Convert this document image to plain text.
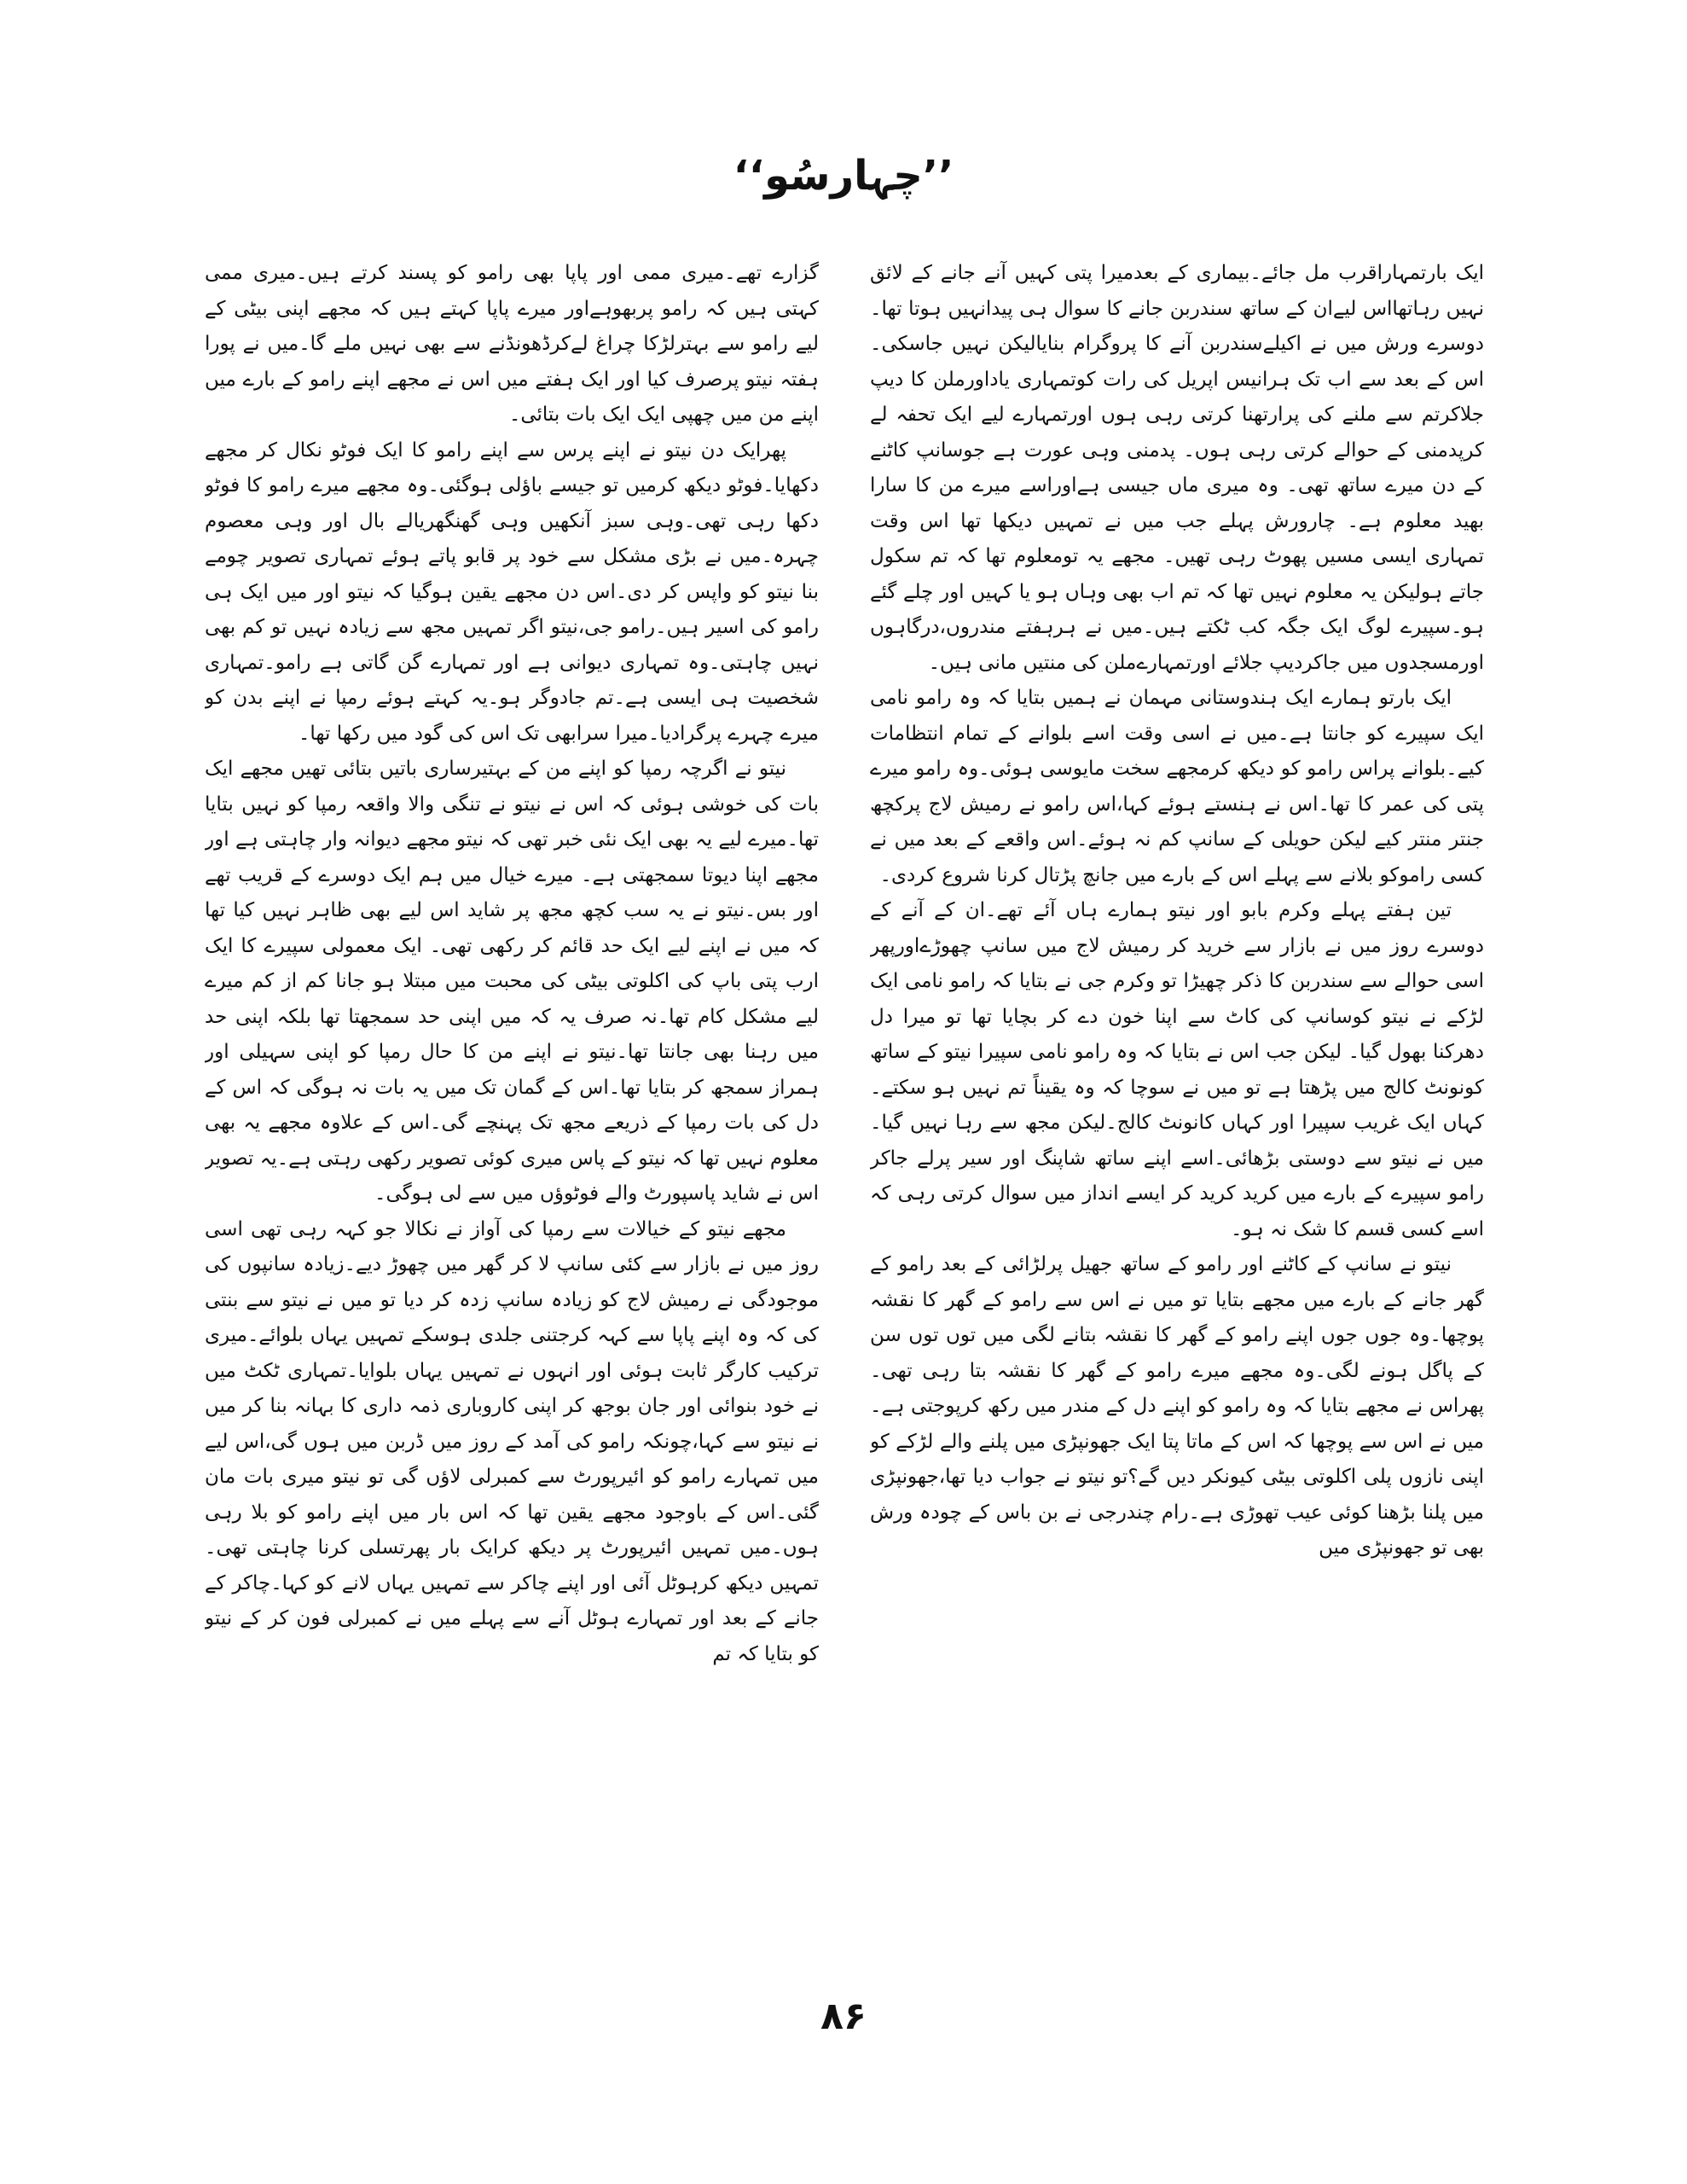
’’چہارسُو‘‘

ایک بارتمہاراقرب مل جائے۔بیماری کے بعدمیرا پتی کہیں آنے جانے کے لائق نہیں رہاتھااس لیےان کے ساتھ سندربن جانے کا سوال ہی پیدانہیں ہوتا تھا۔ دوسرے ورش میں نے اکیلےسندربن آنے کا پروگرام بنایالیکن نہیں جاسکی۔اس کے بعد سے اب تک ہرانیس اپریل کی رات کوتمہاری یاداورملن کا دیپ جلاکرتم سے ملنے کی پرارتھنا کرتی رہی ہوں اورتمہارے لیے ایک تحفہ لے کرپدمنی کے حوالے کرتی رہی ہوں۔ پدمنی وہی عورت ہے جوسانپ کاٹنے کے دن میرے ساتھ تھی۔ وہ میری ماں جیسی ہےاوراسے میرے من کا سارا بھید معلوم ہے۔ چارورش پہلے جب میں نے تمہیں دیکھا تھا اس وقت تمہاری ایسی مسیں پھوٹ رہی تھیں۔ مجھے یہ تومعلوم تھا کہ تم سکول جاتے ہولیکن یہ معلوم نہیں تھا کہ تم اب بھی وہاں ہو یا کہیں اور چلے گئے ہو۔سپیرے لوگ ایک جگہ کب ٹکتے ہیں۔میں نے ہرہفتے مندروں،درگاہوں اورمسجدوں میں جاکردیپ جلائے اورتمہارےملن کی منتیں مانی ہیں۔

ایک بارتو ہمارے ایک ہندوستانی مہمان نے ہمیں بتایا کہ وہ رامو نامی ایک سپیرے کو جانتا ہے۔میں نے اسی وقت اسے بلوانے کے تمام انتظامات کیے۔بلوانے پراس رامو کو دیکھ کرمجھے سخت مایوسی ہوئی۔وہ رامو میرے پتی کی عمر کا تھا۔اس نے ہنستے ہوئے کہا،اس رامو نے رمیش لاج پرکچھ جنتر منتر کیے لیکن حویلی کے سانپ کم نہ ہوئے۔اس واقعے کے بعد میں نے کسی راموکو بلانے سے پہلے اس کے بارے میں جانچ پڑتال کرنا شروع کردی۔

تین ہفتے پہلے وکرم بابو اور نیتو ہمارے ہاں آئے تھے۔ان کے آنے کے دوسرے روز میں نے بازار سے خرید کر رمیش لاج میں سانپ چھوڑےاورپھر اسی حوالے سے سندربن کا ذکر چھیڑا تو وکرم جی نے بتایا کہ رامو نامی ایک لڑکے نے نیتو کوسانپ کی کاٹ سے اپنا خون دے کر بچایا تھا تو میرا دل دھرکنا بھول گیا۔ لیکن جب اس نے بتایا کہ وہ رامو نامی سپیرا نیتو کے ساتھ کونونٹ کالج میں پڑھتا ہے تو میں نے سوچا کہ وہ یقیناً تم نہیں ہو سکتے۔کہاں ایک غریب سپیرا اور کہاں کانونٹ کالج۔لیکن مجھ سے رہا نہیں گیا۔میں نے نیتو سے دوستی بڑھائی۔اسے اپنے ساتھ شاپنگ اور سیر پرلے جاکر رامو سپیرے کے بارے میں کرید کرید کر ایسے انداز میں سوال کرتی رہی کہ اسے کسی قسم کا شک نہ ہو۔

نیتو نے سانپ کے کاٹنے اور رامو کے ساتھ جھیل پرلڑائی کے بعد رامو کے گھر جانے کے بارے میں مجھے بتایا تو میں نے اس سے رامو کے گھر کا نقشہ پوچھا۔وہ جوں جوں اپنے رامو کے گھر کا نقشہ بتانے لگی میں توں توں سن کے پاگل ہونے لگی۔وہ مجھے میرے رامو کے گھر کا نقشہ بتا رہی تھی۔پھراس نے مجھے بتایا کہ وہ رامو کو اپنے دل کے مندر میں رکھ کرپوجتی ہے۔میں نے اس سے پوچھا کہ اس کے ماتا پتا ایک جھونپڑی میں پلنے والے لڑکے کو اپنی نازوں پلی اکلوتی بیٹی کیونکر دیں گے؟تو نیتو نے جواب دیا تھا،جھونپڑی میں پلنا بڑھنا کوئی عیب تھوڑی ہے۔رام چندرجی نے بن باس کے چودہ ورش بھی تو جھونپڑی میں

گزارے تھے۔میری ممی اور پاپا بھی رامو کو پسند کرتے ہیں۔میری ممی کہتی ہیں کہ رامو پربھوہےاور میرے پاپا کہتے ہیں کہ مجھے اپنی بیٹی کے لیے رامو سے بہترلڑکا چراغ لےکرڈھونڈنے سے بھی نہیں ملے گا۔میں نے پورا ہفتہ نیتو پرصرف کیا اور ایک ہفتے میں اس نے مجھے اپنے رامو کے بارے میں اپنے من میں چھپی ایک ایک بات بتائی۔

پھرایک دن نیتو نے اپنے پرس سے اپنے رامو کا ایک فوٹو نکال کر مجھے دکھایا۔فوٹو دیکھ کرمیں تو جیسے باؤلی ہوگئی۔وہ مجھے میرے رامو کا فوٹو دکھا رہی تھی۔وہی سبز آنکھیں وہی گھنگھریالے بال اور وہی معصوم چہرہ۔میں نے بڑی مشکل سے خود پر قابو پاتے ہوئے تمہاری تصویر چومے بنا نیتو کو واپس کر دی۔اس دن مجھے یقین ہوگیا کہ نیتو اور میں ایک ہی رامو کی اسیر ہیں۔رامو جی،نیتو اگر تمہیں مجھ سے زیادہ نہیں تو کم بھی نہیں چاہتی۔وہ تمہاری دیوانی ہے اور تمہارے گن گاتی ہے رامو۔تمہاری شخصیت ہی ایسی ہے۔تم جادوگر ہو۔یہ کہتے ہوئے رمپا نے اپنے بدن کو میرے چہرے پرگرادیا۔میرا سرابھی تک اس کی گود میں رکھا تھا۔

نیتو نے اگرچہ رمپا کو اپنے من کے بہتیرساری باتیں بتائی تھیں مجھے ایک بات کی خوشی ہوئی کہ اس نے نیتو نے تنگی والا واقعہ رمپا کو نہیں بتایا تھا۔میرے لیے یہ بھی ایک نئی خبر تھی کہ نیتو مجھے دیوانہ وار چاہتی ہے اور مجھے اپنا دیوتا سمجھتی ہے۔ میرے خیال میں ہم ایک دوسرے کے قریب تھے اور بس۔نیتو نے یہ سب کچھ مجھ پر شاید اس لیے بھی ظاہر نہیں کیا تھا کہ میں نے اپنے لیے ایک حد قائم کر رکھی تھی۔ ایک معمولی سپیرے کا ایک ارب پتی باپ کی اکلوتی بیٹی کی محبت میں مبتلا ہو جانا کم از کم میرے لیے مشکل کام تھا۔نہ صرف یہ کہ میں اپنی حد سمجھتا تھا بلکہ اپنی حد میں رہنا بھی جانتا تھا۔نیتو نے اپنے من کا حال رمپا کو اپنی سہیلی اور ہمراز سمجھ کر بتایا تھا۔اس کے گمان تک میں یہ بات نہ ہوگی کہ اس کے دل کی بات رمپا کے ذریعے مجھ تک پہنچے گی۔اس کے علاوہ مجھے یہ بھی معلوم نہیں تھا کہ نیتو کے پاس میری کوئی تصویر رکھی رہتی ہے۔یہ تصویر اس نے شاید پاسپورٹ والے فوٹوؤں میں سے لی ہوگی۔

مجھے نیتو کے خیالات سے رمپا کی آواز نے نکالا جو کہہ رہی تھی اسی روز میں نے بازار سے کئی سانپ لا کر گھر میں چھوڑ دیے۔زیادہ سانپوں کی موجودگی نے رمیش لاج کو زیادہ سانپ زدہ کر دیا تو میں نے نیتو سے بنتی کی کہ وہ اپنے پاپا سے کہہ کرجتنی جلدی ہوسکے تمہیں یہاں بلوائے۔میری ترکیب کارگر ثابت ہوئی اور انہوں نے تمہیں یہاں بلوایا۔تمہاری ٹکٹ میں نے خود بنوائی اور جان بوجھ کر اپنی کاروباری ذمہ داری کا بہانہ بنا کر میں نے نیتو سے کہا،چونکہ رامو کی آمد کے روز میں ڈربن میں ہوں گی،اس لیے میں تمہارے رامو کو ائیرپورٹ سے کمبرلی لاؤں گی تو نیتو میری بات مان گئی۔اس کے باوجود مجھے یقین تھا کہ اس بار میں اپنے رامو کو بلا رہی ہوں۔میں تمہیں ائیرپورٹ پر دیکھ کرایک بار پھرتسلی کرنا چاہتی تھی۔ تمہیں دیکھ کرہوٹل آئی اور اپنے چاکر سے تمہیں یہاں لانے کو کہا۔چاکر کے جانے کے بعد اور تمہارے ہوٹل آنے سے پہلے میں نے کمبرلی فون کر کے نیتو کو بتایا کہ تم

۸۶
